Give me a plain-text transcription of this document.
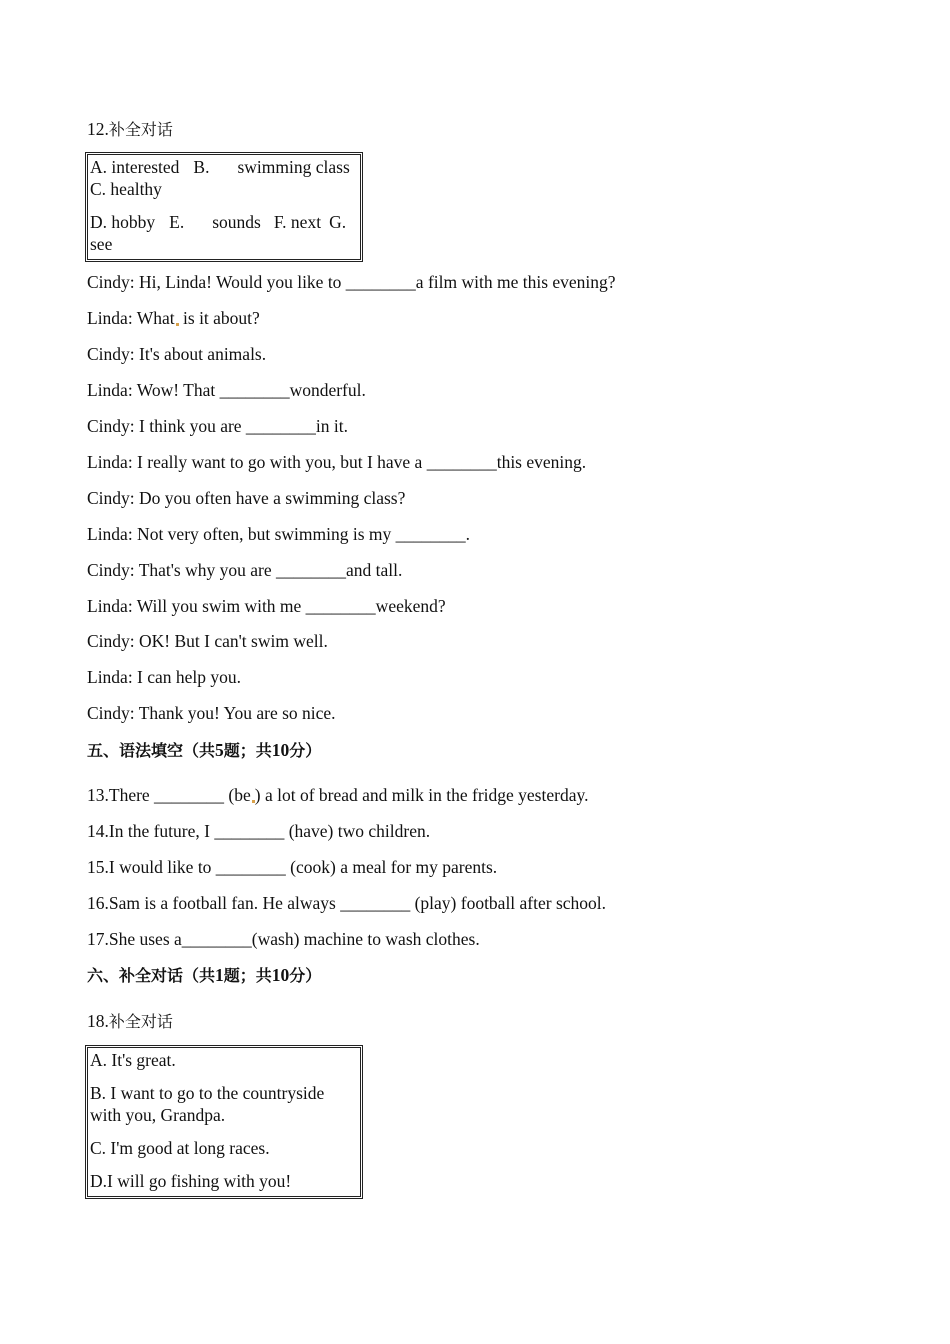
12.补全对话
A. interested B. swimming classC. healthy
D. hobby E. sounds F. next G. see
Cindy: Hi, Linda! Would you like to ________a film with me this evening?
Linda: What is it about?
Cindy: It's about animals.
Linda: Wow! That ________wonderful.
Cindy: I think you are ________in it.
Linda: I really want to go with you, but I have a ________this evening.
Cindy: Do you often have a swimming class?
Linda: Not very often, but swimming is my ________.
Cindy: That's why you are ________and tall.
Linda: Will you swim with me ________weekend?
Cindy: OK! But I can't swim well.
Linda: I can help you.
Cindy: Thank you! You are so nice.
五、语法填空（共5题；共10分）
13.There ________ (be ) a lot of bread and milk in the fridge yesterday.
14.In the future, I ________ (have) two children.
15.I would like to ________ (cook) a meal for my parents.
16.Sam is a football fan. He always ________ (play) football after school.
17.She uses a________(wash) machine to wash clothes.
六、补全对话（共1题；共10分）
18.补全对话
A. It's great.
B. I want to go to the countryside with you, Grandpa.
C. I'm good at long races.
D.I will go fishing with you!
